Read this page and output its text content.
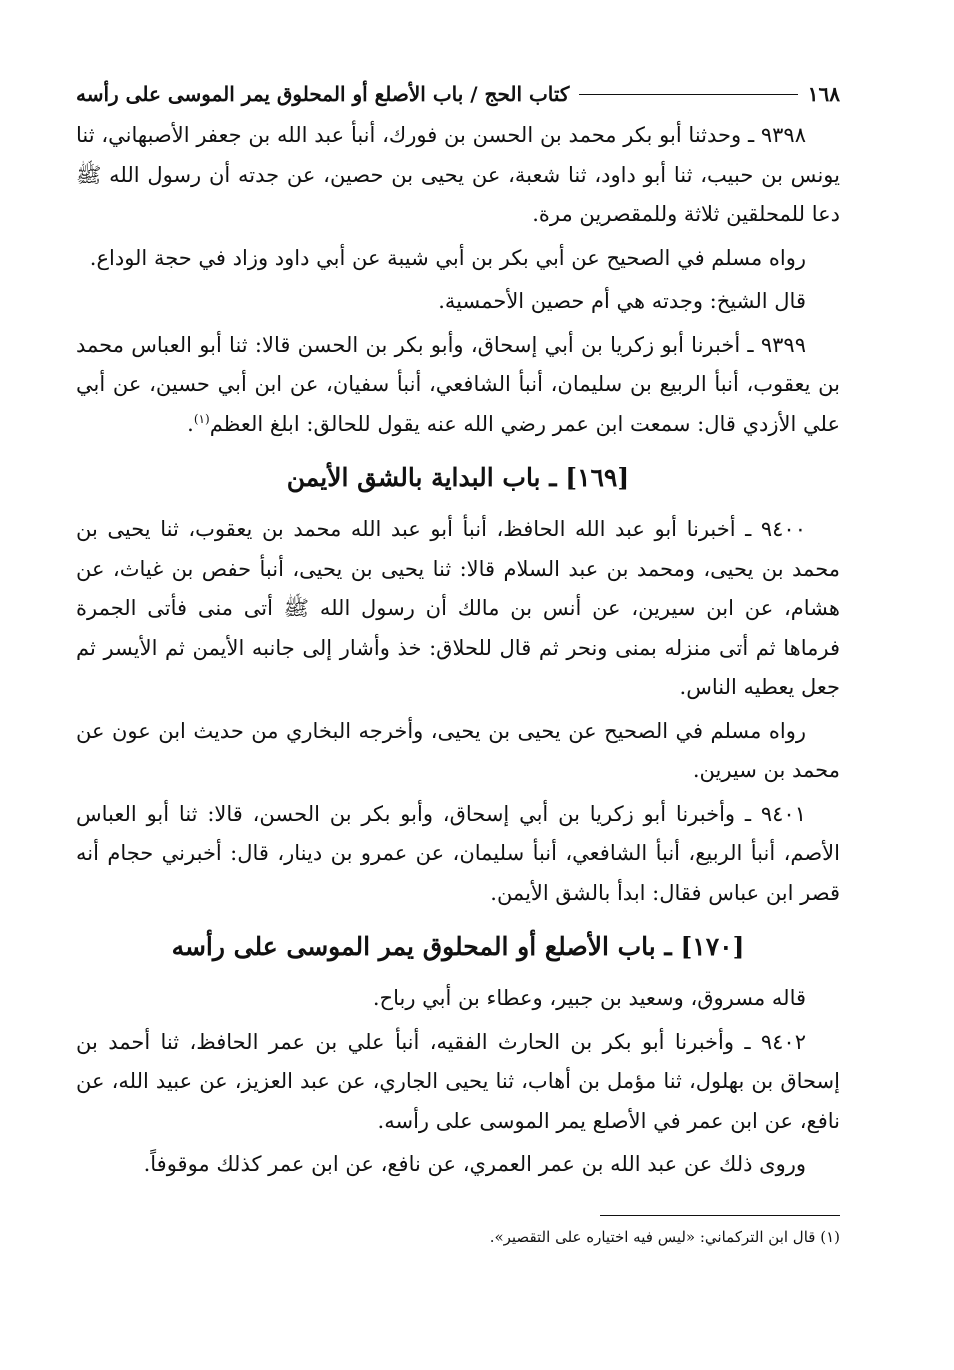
١٦٨
كتاب الحج / باب الأصلع أو المحلوق يمر الموسى على رأسه

٩٣٩٨ ـ وحدثنا أبو بكر محمد بن الحسن بن فورك، أنبأ عبد الله بن جعفر الأصبهاني، ثنا يونس بن حبيب، ثنا أبو داود، ثنا شعبة، عن يحيى بن حصين، عن جدته أن رسول الله ﷺ دعا للمحلقين ثلاثة وللمقصرين مرة.

رواه مسلم في الصحيح عن أبي بكر بن أبي شيبة عن أبي داود وزاد في حجة الوداع.

قال الشيخ: وجدته هي أم حصين الأحمسية.

٩٣٩٩ ـ أخبرنا أبو زكريا بن أبي إسحاق، وأبو بكر بن الحسن قالا: ثنا أبو العباس محمد بن يعقوب، أنبأ الربيع بن سليمان، أنبأ الشافعي، أنبأ سفيان، عن ابن أبي حسين، عن أبي علي الأزدي قال: سمعت ابن عمر رضي الله عنه يقول للحالق: ابلغ العظم$^{(١)}$.

[١٦٩] ـ باب البداية بالشق الأيمن

٩٤٠٠ ـ أخبرنا أبو عبد الله الحافظ، أنبأ أبو عبد الله محمد بن يعقوب، ثنا يحيى بن محمد بن يحيى، ومحمد بن عبد السلام قالا: ثنا يحيى بن يحيى، أنبأ حفص بن غياث، عن هشام، عن ابن سيرين، عن أنس بن مالك أن رسول الله ﷺ أتى منى فأتى الجمرة فرماها ثم أتى منزله بمنى ونحر ثم قال للحلاق: خذ وأشار إلى جانبه الأيمن ثم الأيسر ثم جعل يعطيه الناس.

رواه مسلم في الصحيح عن يحيى بن يحيى، وأخرجه البخاري من حديث ابن عون عن محمد بن سيرين.

٩٤٠١ ـ وأخبرنا أبو زكريا بن أبي إسحاق، وأبو بكر بن الحسن، قالا: ثنا أبو العباس الأصم، أنبأ الربيع، أنبأ الشافعي، أنبأ سليمان، عن عمرو بن دينار، قال: أخبرني حجام أنه قصر ابن عباس فقال: ابدأ بالشق الأيمن.

[١٧٠] ـ باب الأصلع أو المحلوق يمر الموسى على رأسه

قاله مسروق، وسعيد بن جبير، وعطاء بن أبي رباح.

٩٤٠٢ ـ وأخبرنا أبو بكر بن الحارث الفقيه، أنبأ علي بن عمر الحافظ، ثنا أحمد بن إسحاق بن بهلول، ثنا مؤمل بن أهاب، ثنا يحيى الجاري، عن عبد العزيز، عن عبيد الله، عن نافع، عن ابن عمر في الأصلع يمر الموسى على رأسه.

وروى ذلك عن عبد الله بن عمر العمري، عن نافع، عن ابن عمر كذلك موقوفاً.

(١) قال ابن التركماني: «ليس فيه اختياره على التقصير».
